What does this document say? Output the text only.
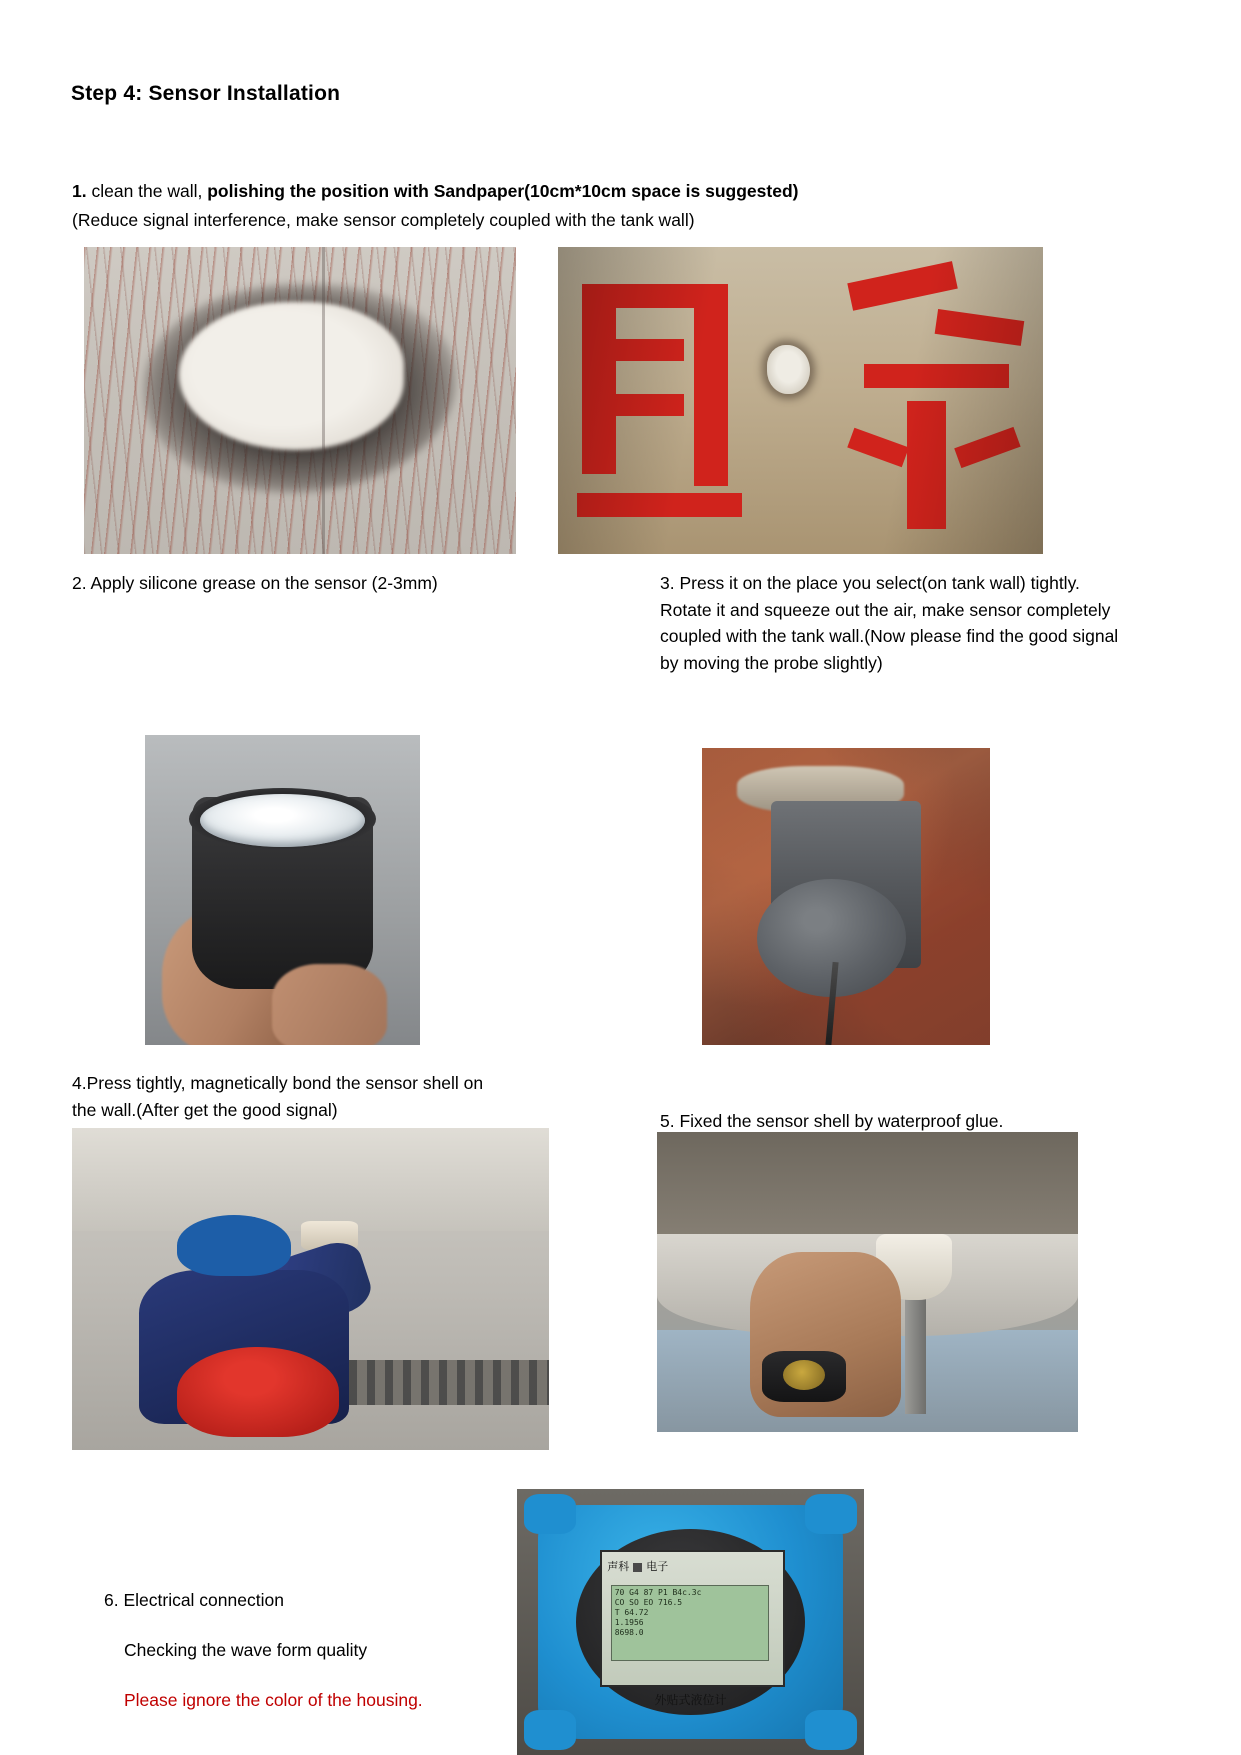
Step 4: Sensor Installation
1. clean the wall, polishing the position with Sandpaper(10cm*10cm space is suggested)
(Reduce signal interference, make sensor completely coupled with the tank wall)
2. Apply silicone grease on the sensor (2-3mm)	3. Press it on the place you select(on tank wall) tightly. Rotate it and squeeze out the air, make sensor completely coupled with the tank wall.(Now please find the good signal by moving the probe slightly)
4.Press tightly, magnetically bond the sensor shell on the wall.(After get the good signal)
5. Fixed the sensor shell by waterproof glue.
6. Electrical connection
Checking the wave form quality
Please ignore the color of the housing.
声科 电子
70 G4 87 P1 B4c.3c
CO SO EO 716.5
T 64.72
1.1956
8698.0
外贴式液位计
